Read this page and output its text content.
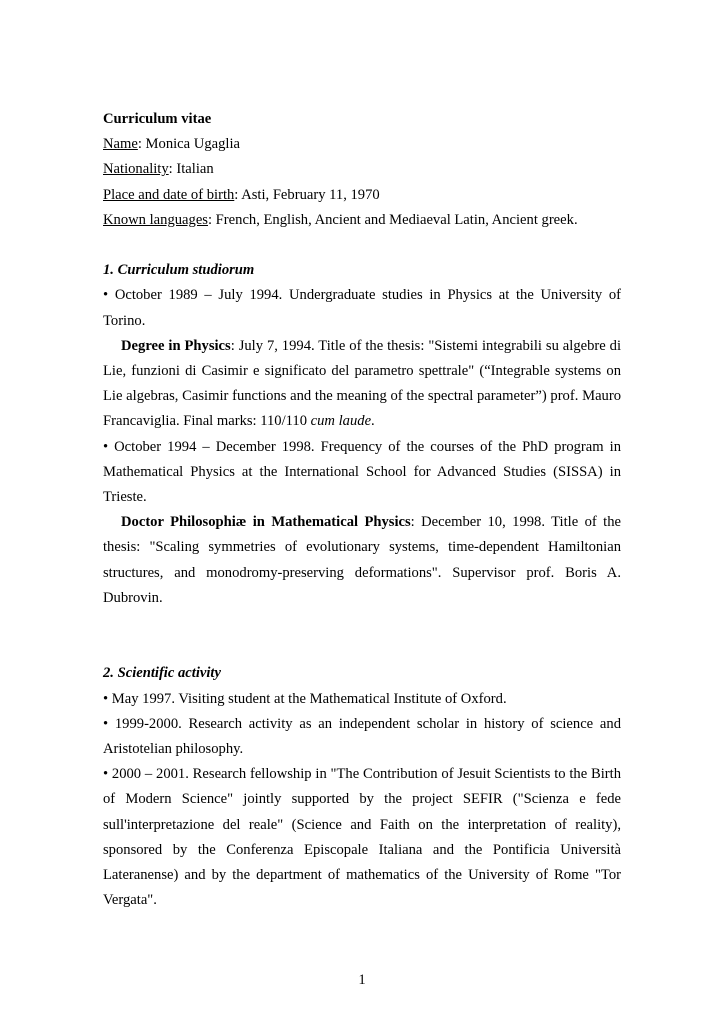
Curriculum vitae
Name: Monica Ugaglia
Nationality: Italian
Place and date of birth: Asti, February 11, 1970
Known languages: French, English, Ancient and Mediaeval Latin, Ancient greek.
1. Curriculum studiorum
• October 1989 – July 1994. Undergraduate studies in Physics at the University of Torino.
Degree in Physics: July 7, 1994. Title of the thesis: "Sistemi integrabili su algebre di Lie, funzioni di Casimir e significato del parametro spettrale" (“Integrable systems on Lie algebras, Casimir functions and the meaning of the spectral parameter”) prof. Mauro Francaviglia. Final marks: 110/110 cum laude.
• October 1994 – December 1998. Frequency of the courses of the PhD program in Mathematical Physics at the International School for Advanced Studies (SISSA) in Trieste.
Doctor Philosophiæ in Mathematical Physics: December 10, 1998. Title of the thesis: "Scaling symmetries of evolutionary systems, time-dependent Hamiltonian structures, and monodromy-preserving deformations". Supervisor prof. Boris A. Dubrovin.
2. Scientific activity
• May 1997. Visiting student at the Mathematical Institute of Oxford.
• 1999-2000. Research activity as an independent scholar in history of science and Aristotelian philosophy.
• 2000 – 2001. Research fellowship in "The Contribution of Jesuit Scientists to the Birth of Modern Science" jointly supported by the project SEFIR ("Scienza e fede sull'interpretazione del reale" (Science and Faith on the interpretation of reality), sponsored by the Conferenza Episcopale Italiana and the Pontificia Università Lateranense) and by the department of mathematics of the University of Rome "Tor Vergata".
1
